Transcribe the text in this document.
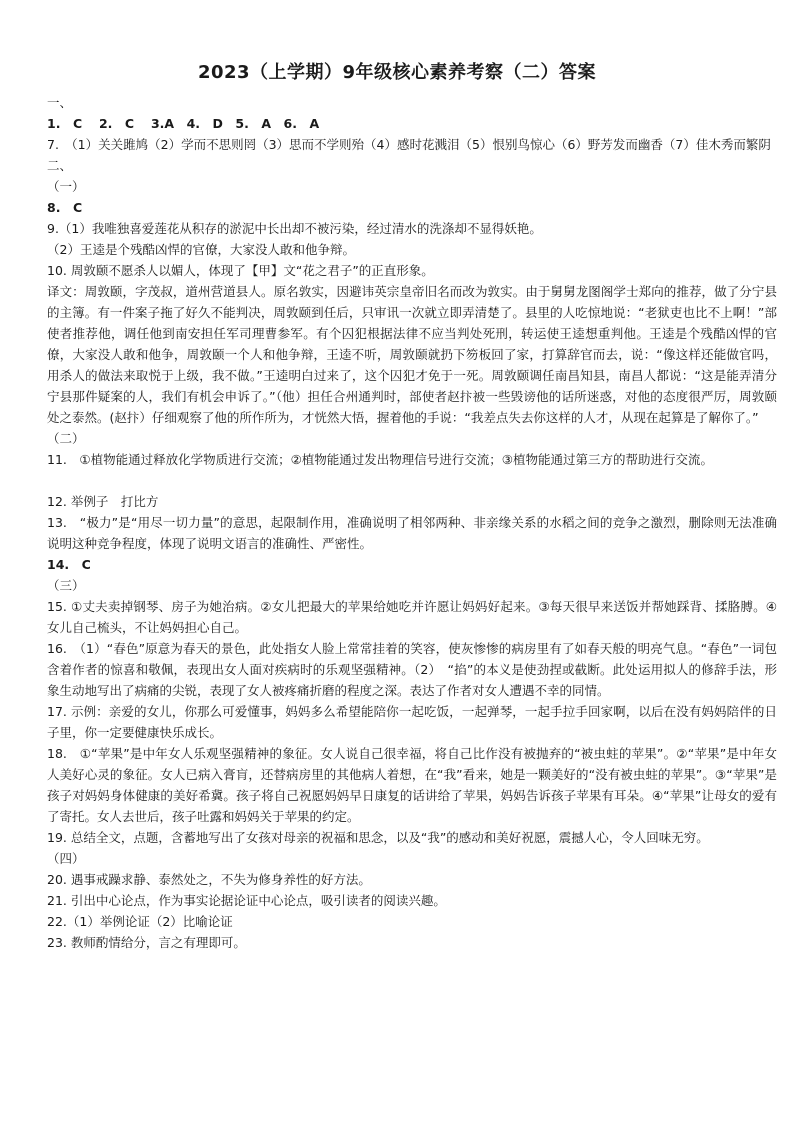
2023（上学期）9年级核心素养考察（二）答案
一、
1.　C　 2.　C　 3.A　4.　D　5.　A　6.　A
7.　（1）关关雎鸠（2）学而不思则罔（3）思而不学则殆（4）感时花溅泪（5）恨别鸟惊心（6）野芳发而幽香（7）佳木秀而繁阴
二、
（一）
8.　C
9.（1）我唯独喜爱莲花从积存的淤泥中长出却不被污染，经过清水的洗涤却不显得妖艳。
（2）王逵是个残酷凶悍的官僚，大家没人敢和他争辩。
10. 周敦颐不愿杀人以媚人，体现了【甲】文“花之君子”的正直形象。
译文：周敦颐，字茂叔，道州营道县人。原名敦实，因避讳英宗皇帝旧名而改为敦实。由于舅舅龙图阁学士郑向的推荐，做了分宁县的主簿。有一件案子拖了好久不能判决，周敦颐到任后，只审讯一次就立即弄清楚了。县里的人吃惊地说：“老狱吏也比不上啊！”部使者推荐他，调任他到南安担任军司理曹参军。有个囚犯根据法律不应当判处死刑，转运使王逵想重判他。王逵是个残酷凶悍的官僚，大家没人敢和他争，周敦颐一个人和他争辩，王逵不听，周敦颐就扔下笏板回了家，打算辞官而去，说：“像这样还能做官吗，用杀人的做法来取悦于上级，我不做。”王逵明白过来了，这个囚犯才免于一死。周敦颐调任南昌知县，南昌人都说：“这是能弄清分宁县那件疑案的人，我们有机会申诉了。”（他）担任合州通判时，部使者赵抃被一些毁谤他的话所迷惑，对他的态度很严厉，周敦颐处之泰然。(赵抃）仔细观察了他的所作所为，才恍然大悟，握着他的手说：“我差点失去你这样的人才，从现在起算是了解你了。”
（二）
11.　①植物能通过释放化学物质进行交流；②植物能通过发出物理信号进行交流；③植物能通过第三方的帮助进行交流。
12. 举例子　打比方
13.　“极力”是“用尽一切力量”的意思，起限制作用，准确说明了相邻两种、非亲缘关系的水稻之间的竞争之激烈，删除则无法准确说明这种竞争程度，体现了说明文语言的准确性、严密性。
14.　C
（三）
15. ①丈夫卖掉钢琴、房子为她治病。②女儿把最大的苹果给她吃并许愿让妈妈好起来。③每天很早来送饭并帮她踩背、揉胳膊。④女儿自己梳头，不让妈妈担心自己。
16.　（1）“春色”原意为春天的景色，此处指女人脸上常常挂着的笑容，使灰惨惨的病房里有了如春天般的明亮气息。“春色”一词包含着作者的惊喜和敬佩，表现出女人面对疾病时的乐观坚强精神。（2）　“掐”的本义是使劲捏或截断。此处运用拟人的修辞手法，形象生动地写出了病痛的尖锐，表现了女人被疼痛折磨的程度之深。表达了作者对女人遭遇不幸的同情。
17. 示例：亲爱的女儿，你那么可爱懂事，妈妈多么希望能陪你一起吃饭，一起弹琴，一起手拉手回家啊，以后在没有妈妈陪伴的日子里，你一定要健康快乐成长。
18.　①“苹果”是中年女人乐观坚强精神的象征。女人说自己很幸福，将自己比作没有被抛弃的“被虫蛀的苹果”。②“苹果”是中年女人美好心灵的象征。女人已病入膏肓，还替病房里的其他病人着想，在“我”看来，她是一颗美好的“没有被虫蛀的苹果”。③“苹果”是孩子对妈妈身体健康的美好希冀。孩子将自己祝愿妈妈早日康复的话讲给了苹果，妈妈告诉孩子苹果有耳朵。④“苹果”让母女的爱有了寄托。女人去世后，孩子吐露和妈妈关于苹果的约定。
19. 总结全文，点题，含蓄地写出了女孩对母亲的祝福和思念，以及“我”的感动和美好祝愿，震撼人心，令人回味无穷。
（四）
20. 遇事戒躁求静、泰然处之，不失为修身养性的好方法。
21. 引出中心论点，作为事实论据论证中心论点，吸引读者的阅读兴趣。
22.（1）举例论证（2）比喻论证
23. 教师酌情给分，言之有理即可。
